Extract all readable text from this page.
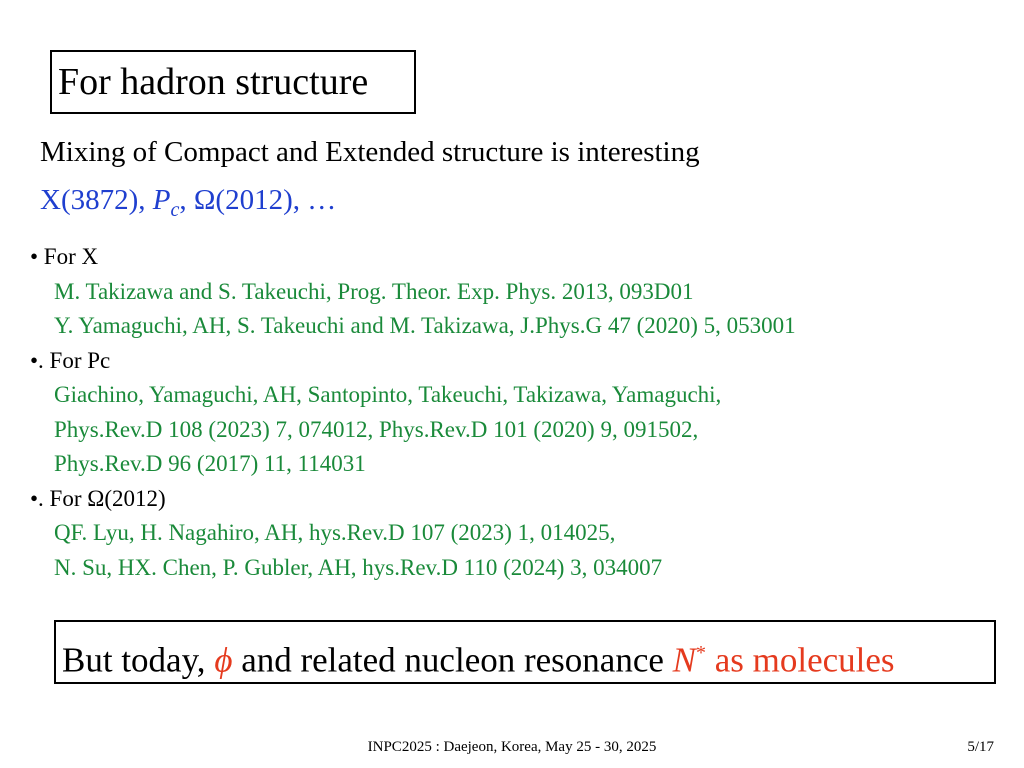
For hadron structure
Mixing of Compact and Extended structure is interesting
X(3872), $P_c$, Ω(2012), …
• For X
M. Takizawa and S. Takeuchi, Prog. Theor. Exp. Phys. 2013, 093D01
Y. Yamaguchi, AH, S. Takeuchi and M. Takizawa, J.Phys.G 47 (2020) 5, 053001
•. For Pc
Giachino, Yamaguchi, AH, Santopinto, Takeuchi, Takizawa, Yamaguchi,
Phys.Rev.D 108 (2023) 7, 074012, Phys.Rev.D 101 (2020) 9, 091502,
Phys.Rev.D 96 (2017) 11, 114031
•. For Ω(2012)
QF. Lyu, H. Nagahiro, AH, hys.Rev.D 107 (2023) 1, 014025,
N. Su, HX. Chen, P. Gubler, AH, hys.Rev.D 110 (2024) 3, 034007
But today, ϕ and related nucleon resonance N* as molecules
INPC2025 : Daejeon, Korea, May 25 - 30, 2025	5/17
